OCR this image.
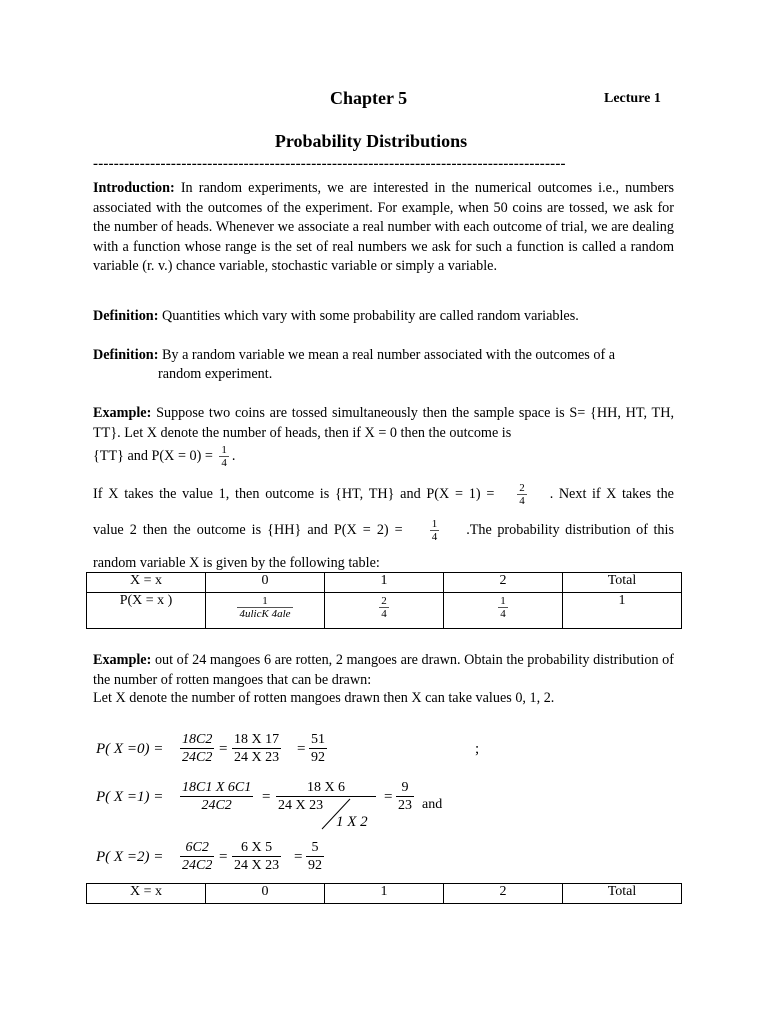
Chapter 5	Lecture 1
Probability Distributions
-------------------------------------------------------------------------------------------
Introduction: In random experiments, we are interested in the numerical outcomes i.e., numbers associated with the outcomes of the experiment. For example, when 50 coins are tossed, we ask for the number of heads. Whenever we associate a real number with each outcome of trial, we are dealing with a function whose range is the set of real numbers we ask for such a function is called a random variable (r. v.) chance variable, stochastic variable or simply a variable.
Definition: Quantities which vary with some probability are called random variables.
Definition: By a random variable we mean a real number associated with the outcomes of a
random experiment.
Example: Suppose two coins are tossed simultaneously then the sample space is S= {HH, HT, TH, TT}. Let X denote the number of heads, then if X = 0 then the outcome is
{TT} and $P(X = 0) = \frac{1}{4}$ .
If X takes the value 1, then outcome is {HT, TH} and $P(X = 1) = \frac{2}{4}$ . Next if X takes the
value 2 then the outcome is {HH} and $P(X = 2) = \frac{1}{4} .The$ probability distribution of this
random variable X is given by the following table:
X = x	0	1	2	Total
P(X = x )	$\frac{1}{\text{4ulicK 4ale}}$	$\frac{2}{4}$	$\frac{1}{4}$	1
Example: out of 24 mangoes 6 are rotten, 2 mangoes are drawn. Obtain the probability distribution of the number of rotten mangoes that can be drawn:
Let X denote the number of rotten mangoes drawn then X can take values 0, 1, 2.
P( $X =0) = \frac{18C2}{24C2} = \frac{18 X 17}{24 X 23} = \frac{51}{92}$	;
P( $X =1) = \frac{18C1 X 6C1}{24C2} = \frac{18 X 6}{24 X 23}$
1 X 2
= $\frac{9}{23}$ and
P( $X =2) = \frac{6C2}{24C2} = \frac{6 X 5}{24 X 23} = \frac{5}{92}$
X = x	0	1	2	Total
